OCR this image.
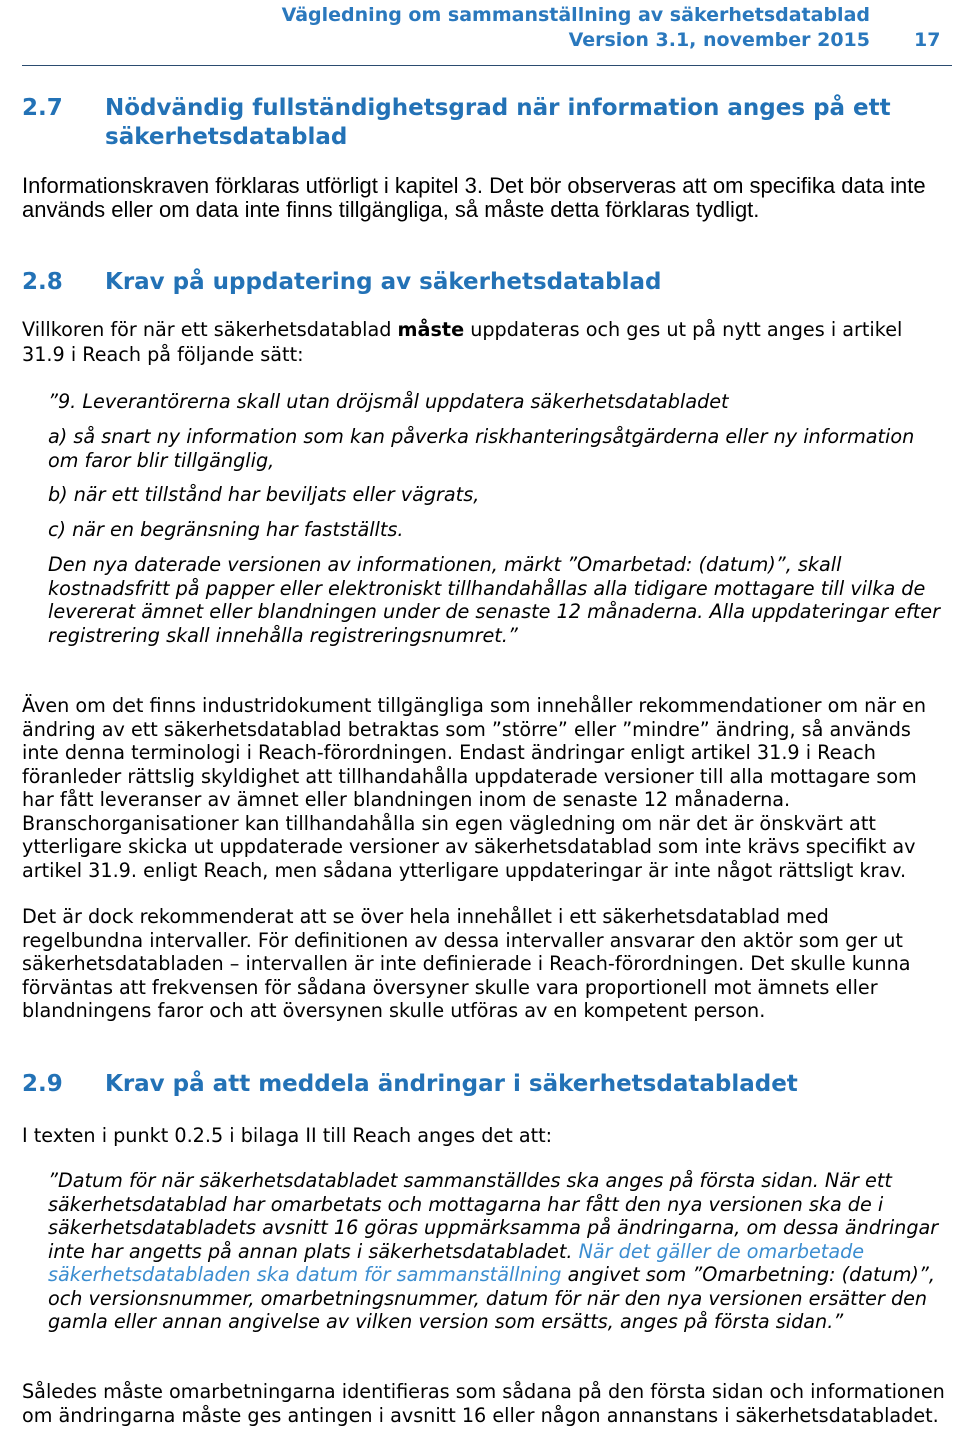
Vägledning om sammanställning av säkerhetsdatablad
Version 3.1, november 2015 17
2.7 Nödvändig fullständighetsgrad när information anges på ett
säkerhetsdatablad
Informationskraven förklaras utförligt i kapitel 3. Det bör observeras att om specifika data inte
används eller om data inte finns tillgängliga, så måste detta förklaras tydligt.
2.8 Krav på uppdatering av säkerhetsdatablad
Villkoren för när ett säkerhetsdatablad måste uppdateras och ges ut på nytt anges i artikel
31.9 i Reach på följande sätt:
”9. Leverantörerna skall utan dröjsmål uppdatera säkerhetsdatabladet
a) så snart ny information som kan påverka riskhanteringsåtgärderna eller ny information
om faror blir tillgänglig,
b) när ett tillstånd har beviljats eller vägrats,
c) när en begränsning har fastställts.
Den nya daterade versionen av informationen, märkt ”Omarbetad: (datum)”, skall
kostnadsfritt på papper eller elektroniskt tillhandahållas alla tidigare mottagare till vilka de
levererat ämnet eller blandningen under de senaste 12 månaderna. Alla uppdateringar efter
registrering skall innehålla registreringsnumret.”
Även om det finns industridokument tillgängliga som innehåller rekommendationer om när en
ändring av ett säkerhetsdatablad betraktas som ”större” eller ”mindre” ändring, så används
inte denna terminologi i Reach-förordningen. Endast ändringar enligt artikel 31.9 i Reach
föranleder rättslig skyldighet att tillhandahålla uppdaterade versioner till alla mottagare som
har fått leveranser av ämnet eller blandningen inom de senaste 12 månaderna.
Branschorganisationer kan tillhandahålla sin egen vägledning om när det är önskvärt att
ytterligare skicka ut uppdaterade versioner av säkerhetsdatablad som inte krävs specifikt av
artikel 31.9. enligt Reach, men sådana ytterligare uppdateringar är inte något rättsligt krav.
Det är dock rekommenderat att se över hela innehållet i ett säkerhetsdatablad med
regelbundna intervaller. För definitionen av dessa intervaller ansvarar den aktör som ger ut
säkerhetsdatabladen – intervallen är inte definierade i Reach-förordningen. Det skulle kunna
förväntas att frekvensen för sådana översyner skulle vara proportionell mot ämnets eller
blandningens faror och att översynen skulle utföras av en kompetent person.
2.9 Krav på att meddela ändringar i säkerhetsdatabladet
I texten i punkt 0.2.5 i bilaga II till Reach anges det att:
”Datum för när säkerhetsdatabladet sammanställdes ska anges på första sidan. När ett
säkerhetsdatablad har omarbetats och mottagarna har fått den nya versionen ska de i
säkerhetsdatabladets avsnitt 16 göras uppmärksamma på ändringarna, om dessa ändringar
inte har angetts på annan plats i säkerhetsdatabladet. När det gäller de omarbetade
säkerhetsdatabladen ska datum för sammanställning angivet som ”Omarbetning: (datum)”,
och versionsnummer, omarbetningsnummer, datum för när den nya versionen ersätter den
gamla eller annan angivelse av vilken version som ersätts, anges på första sidan.”
Således måste omarbetningarna identifieras som sådana på den första sidan och informationen
om ändringarna måste ges antingen i avsnitt 16 eller någon annanstans i säkerhetsdatabladet.
